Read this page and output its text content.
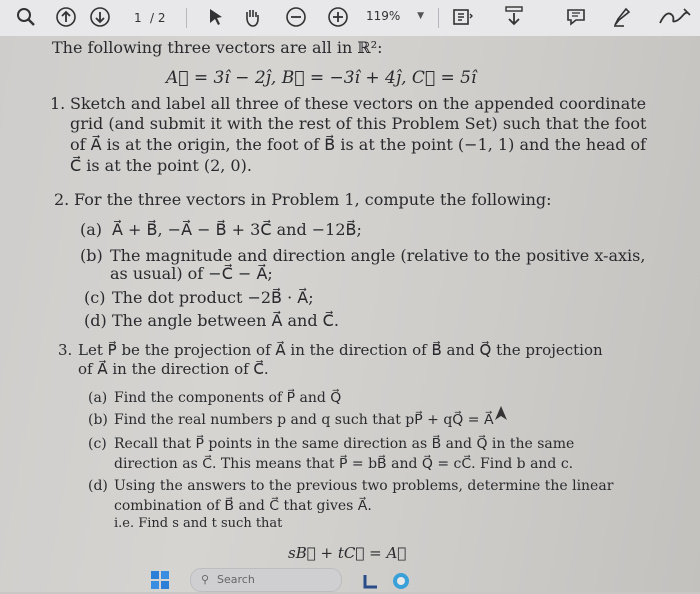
1 / 2	119% ▼
The following three vectors are all in ℝ²:
A⃗ = 3î − 2ĵ, B⃗ = −3î + 4ĵ, C⃗ = 5î
1. Sketch and label all three of these vectors on the appended coordinate
grid (and submit it with the rest of this Problem Set) such that the foot
of A⃗ is at the origin, the foot of B⃗ is at the point (−1, 1) and the head of
C⃗ is at the point (2, 0).
2. For the three vectors in Problem 1, compute the following:
(a) A⃗ + B⃗, −A⃗ − B⃗ + 3C⃗ and −12B⃗;
(b) The magnitude and direction angle (relative to the positive x-axis,
as usual) of −C⃗ − A⃗;
(c) The dot product −2B⃗ · A⃗;
(d) The angle between A⃗ and C⃗.
3. Let P⃗ be the projection of A⃗ in the direction of B⃗ and Q⃗ the projection
of A⃗ in the direction of C⃗.
(a) Find the components of P⃗ and Q⃗
(b) Find the real numbers p and q such that pP⃗ + qQ⃗ = A⃗
(c) Recall that P⃗ points in the same direction as B⃗ and Q⃗ in the same
direction as C⃗. This means that P⃗ = bB⃗ and Q⃗ = cC⃗. Find b and c.
(d) Using the answers to the previous two problems, determine the linear
combination of B⃗ and C⃗ that gives A⃗.
i.e. Find s and t such that
sB⃗ + tC⃗ = A⃗
⚲ Search
